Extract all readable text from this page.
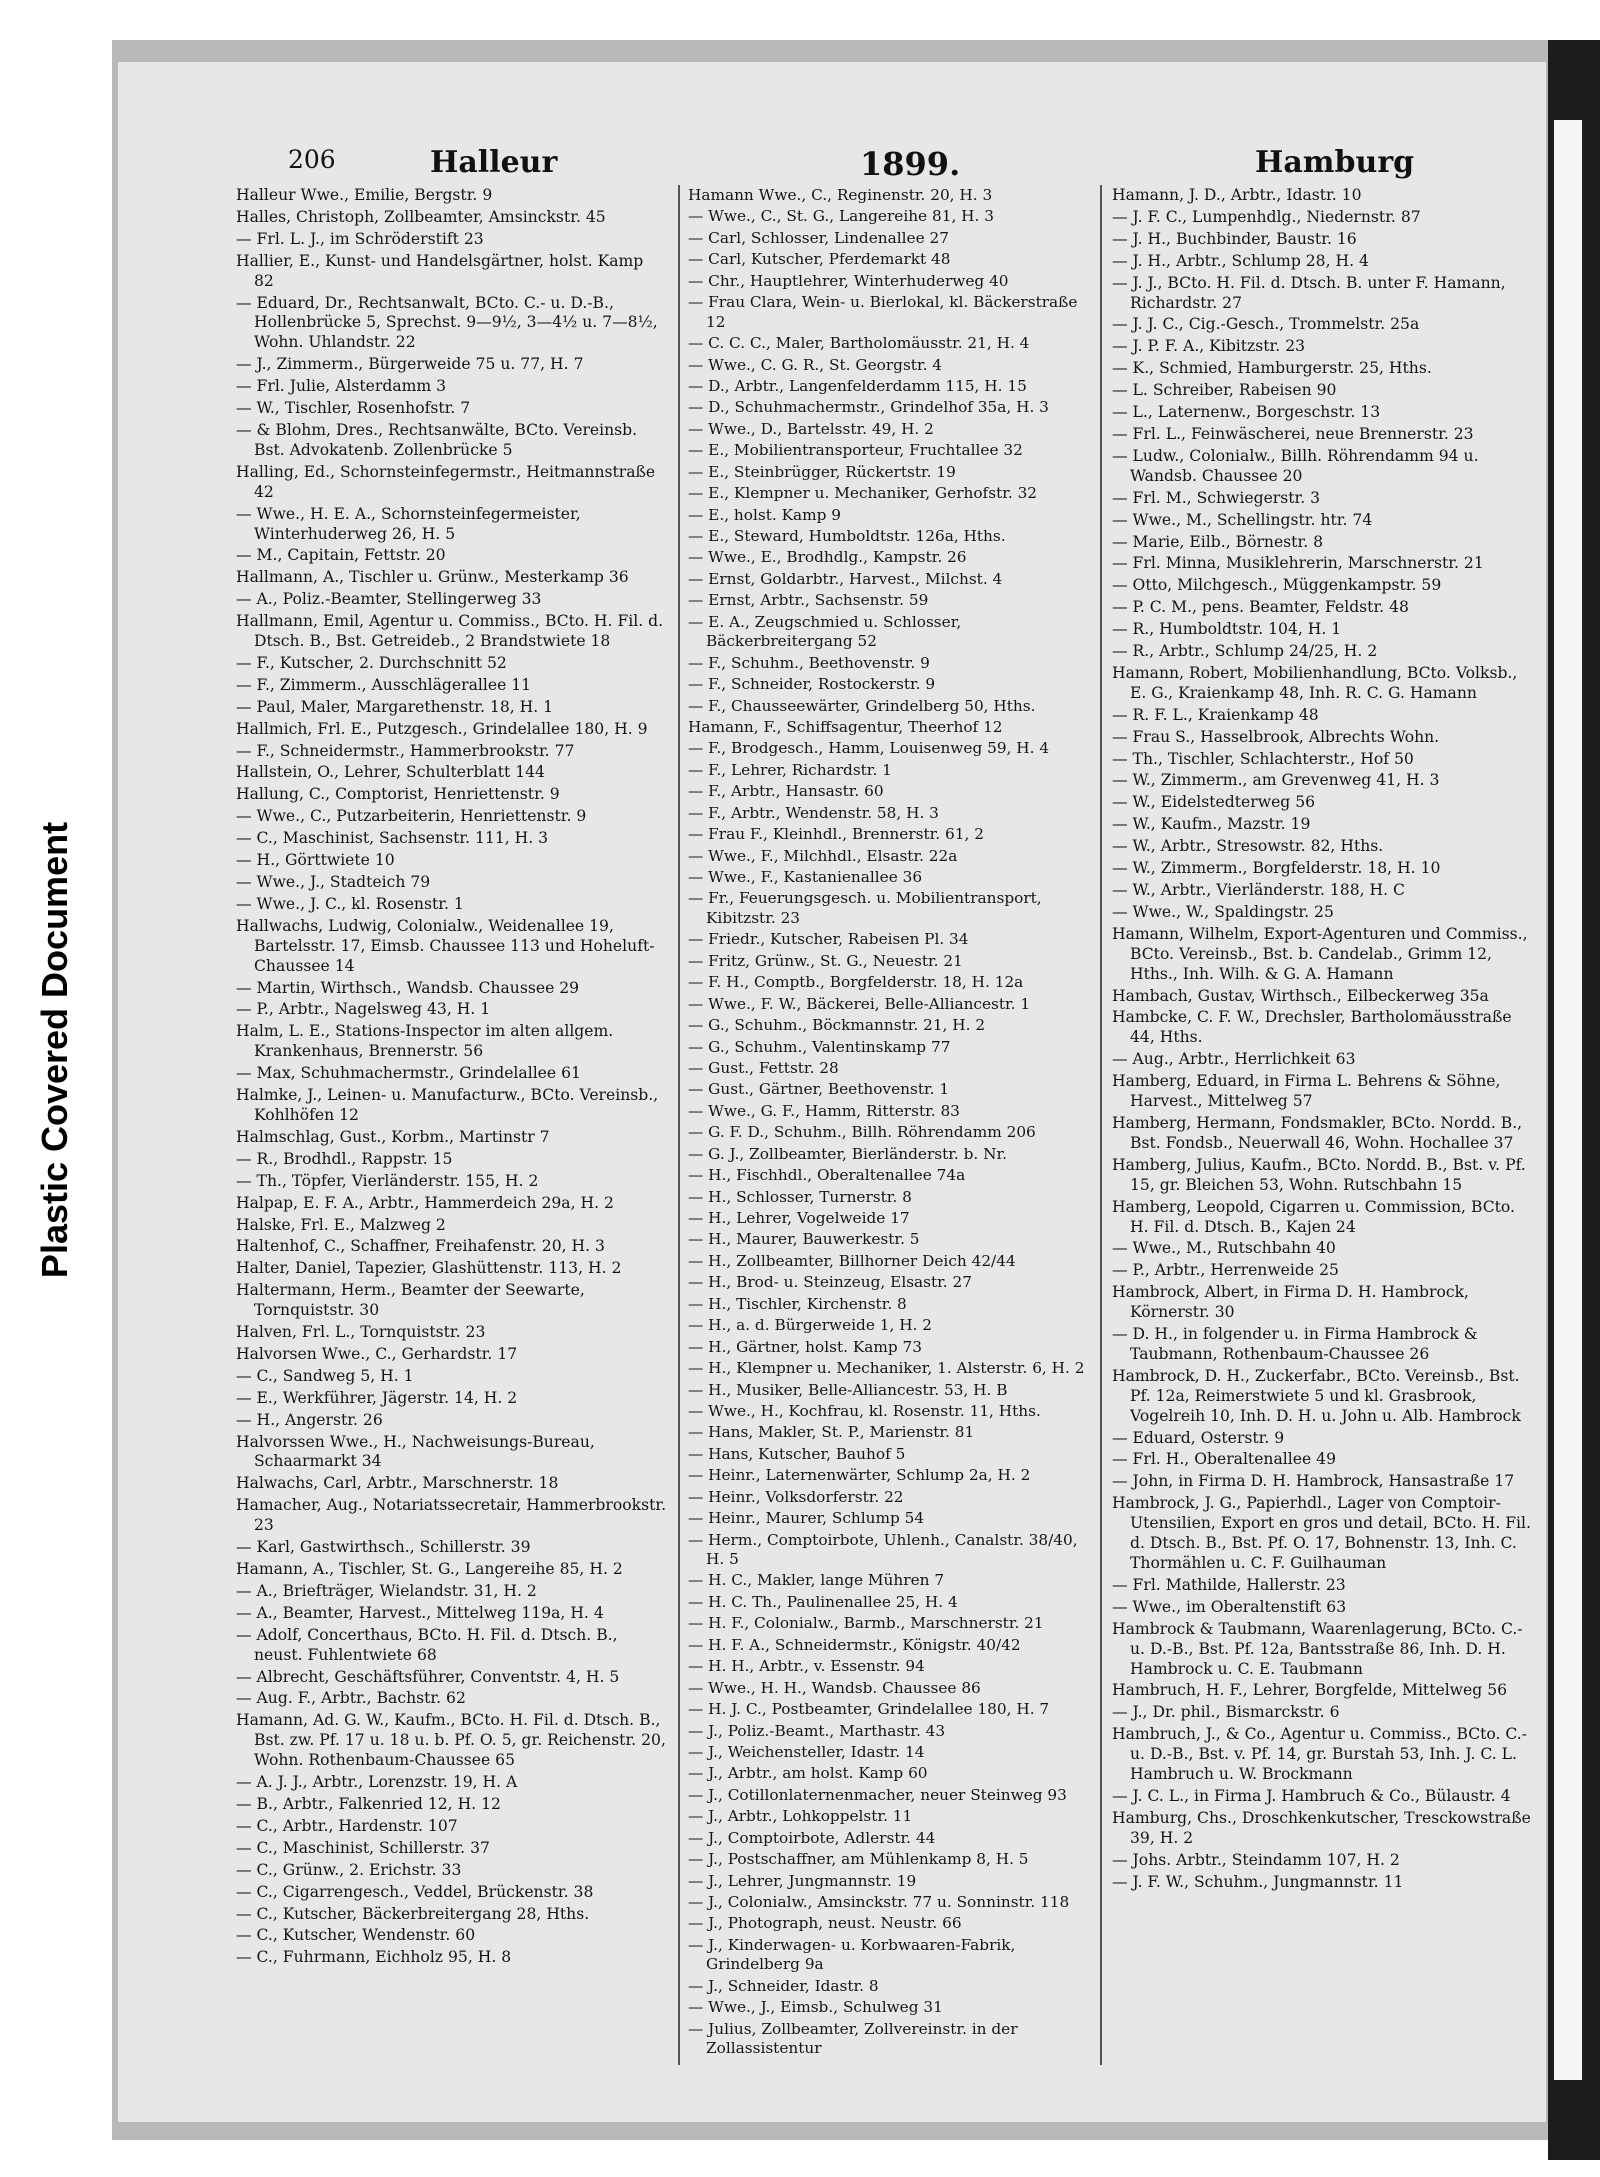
Plastic Covered Document
206	Halleur	1899.	Hamburg
Halleur Wwe., Emilie, Bergstr. 9
Halles, Christoph, Zollbeamter, Amsinckstr. 45
— Frl. L. J., im Schröderstift 23
Hallier, E., Kunst- und Handelsgärtner, holst. Kamp 82
— Eduard, Dr., Rechtsanwalt, BCto. C.- u. D.-B., Hollenbrücke 5, Sprechst. 9—9½, 3—4½ u. 7—8½, Wohn. Uhlandstr. 22
— J., Zimmerm., Bürgerweide 75 u. 77, H. 7
— Frl. Julie, Alsterdamm 3
— W., Tischler, Rosenhofstr. 7
— & Blohm, Dres., Rechtsanwälte, BCto. Vereinsb. Bst. Advokatenb. Zollenbrücke 5
Halling, Ed., Schornsteinfegermstr., Heitmannstraße 42
— Wwe., H. E. A., Schornsteinfegermeister, Winterhuderweg 26, H. 5
— M., Capitain, Fettstr. 20
Hallmann, A., Tischler u. Grünw., Mesterkamp 36
— A., Poliz.-Beamter, Stellingerweg 33
Hallmann, Emil, Agentur u. Commiss., BCto. H. Fil. d. Dtsch. B., Bst. Getreideb., 2 Brandstwiete 18
— F., Kutscher, 2. Durchschnitt 52
— F., Zimmerm., Ausschlägerallee 11
— Paul, Maler, Margarethenstr. 18, H. 1
Hallmich, Frl. E., Putzgesch., Grindelallee 180, H. 9
— F., Schneidermstr., Hammerbrookstr. 77
Hallstein, O., Lehrer, Schulterblatt 144
Hallung, C., Comptorist, Henriettenstr. 9
— Wwe., C., Putzarbeiterin, Henriettenstr. 9
— C., Maschinist, Sachsenstr. 111, H. 3
— H., Görttwiete 10
— Wwe., J., Stadteich 79
— Wwe., J. C., kl. Rosenstr. 1
Hallwachs, Ludwig, Colonialw., Weidenallee 19, Bartelsstr. 17, Eimsb. Chaussee 113 und Hoheluft-Chaussee 14
— Martin, Wirthsch., Wandsb. Chaussee 29
— P., Arbtr., Nagelsweg 43, H. 1
Halm, L. E., Stations-Inspector im alten allgem. Krankenhaus, Brennerstr. 56
— Max, Schuhmachermstr., Grindelallee 61
Halmke, J., Leinen- u. Manufacturw., BCto. Vereinsb., Kohlhöfen 12
Halmschlag, Gust., Korbm., Martinstr 7
— R., Brodhdl., Rappstr. 15
— Th., Töpfer, Vierländerstr. 155, H. 2
Halpap, E. F. A., Arbtr., Hammerdeich 29a, H. 2
Halske, Frl. E., Malzweg 2
Haltenhof, C., Schaffner, Freihafenstr. 20, H. 3
Halter, Daniel, Tapezier, Glashüttenstr. 113, H. 2
Haltermann, Herm., Beamter der Seewarte, Tornquiststr. 30
Halven, Frl. L., Tornquiststr. 23
Halvorsen Wwe., C., Gerhardstr. 17
— C., Sandweg 5, H. 1
— E., Werkführer, Jägerstr. 14, H. 2
— H., Angerstr. 26
Halvorssen Wwe., H., Nachweisungs-Bureau, Schaarmarkt 34
Halwachs, Carl, Arbtr., Marschnerstr. 18
Hamacher, Aug., Notariatssecretair, Hammerbrookstr. 23
— Karl, Gastwirthsch., Schillerstr. 39
Hamann, A., Tischler, St. G., Langereihe 85, H. 2
— A., Briefträger, Wielandstr. 31, H. 2
— A., Beamter, Harvest., Mittelweg 119a, H. 4
— Adolf, Concerthaus, BCto. H. Fil. d. Dtsch. B., neust. Fuhlentwiete 68
— Albrecht, Geschäftsführer, Conventstr. 4, H. 5
— Aug. F., Arbtr., Bachstr. 62
Hamann, Ad. G. W., Kaufm., BCto. H. Fil. d. Dtsch. B., Bst. zw. Pf. 17 u. 18 u. b. Pf. O. 5, gr. Reichenstr. 20, Wohn. Rothenbaum-Chaussee 65
— A. J. J., Arbtr., Lorenzstr. 19, H. A
— B., Arbtr., Falkenried 12, H. 12
— C., Arbtr., Hardenstr. 107
— C., Maschinist, Schillerstr. 37
— C., Grünw., 2. Erichstr. 33
— C., Cigarrengesch., Veddel, Brückenstr. 38
— C., Kutscher, Bäckerbreitergang 28, Hths.
— C., Kutscher, Wendenstr. 60
— C., Fuhrmann, Eichholz 95, H. 8
Hamann Wwe., C., Reginenstr. 20, H. 3
— Wwe., C., St. G., Langereihe 81, H. 3
— Carl, Schlosser, Lindenallee 27
— Carl, Kutscher, Pferdemarkt 48
— Chr., Hauptlehrer, Winterhuderweg 40
— Frau Clara, Wein- u. Bierlokal, kl. Bäckerstraße 12
— C. C. C., Maler, Bartholomäusstr. 21, H. 4
— Wwe., C. G. R., St. Georgstr. 4
— D., Arbtr., Langenfelderdamm 115, H. 15
— D., Schuhmachermstr., Grindelhof 35a, H. 3
— Wwe., D., Bartelsstr. 49, H. 2
— E., Mobilientransporteur, Fruchtallee 32
— E., Steinbrügger, Rückertstr. 19
— E., Klempner u. Mechaniker, Gerhofstr. 32
— E., holst. Kamp 9
— E., Steward, Humboldtstr. 126a, Hths.
— Wwe., E., Brodhdlg., Kampstr. 26
— Ernst, Goldarbtr., Harvest., Milchst. 4
— Ernst, Arbtr., Sachsenstr. 59
— E. A., Zeugschmied u. Schlosser, Bäckerbreitergang 52
— F., Schuhm., Beethovenstr. 9
— F., Schneider, Rostockerstr. 9
— F., Chausseewärter, Grindelberg 50, Hths.
Hamann, F., Schiffsagentur, Theerhof 12
— F., Brodgesch., Hamm, Louisenweg 59, H. 4
— F., Lehrer, Richardstr. 1
— F., Arbtr., Hansastr. 60
— F., Arbtr., Wendenstr. 58, H. 3
— Frau F., Kleinhdl., Brennerstr. 61, 2
— Wwe., F., Milchhdl., Elsastr. 22a
— Wwe., F., Kastanienallee 36
— Fr., Feuerungsgesch. u. Mobilientransport, Kibitzstr. 23
— Friedr., Kutscher, Rabeisen Pl. 34
— Fritz, Grünw., St. G., Neuestr. 21
— F. H., Comptb., Borgfelderstr. 18, H. 12a
— Wwe., F. W., Bäckerei, Belle-Alliancestr. 1
— G., Schuhm., Böckmannstr. 21, H. 2
— G., Schuhm., Valentinskamp 77
— Gust., Fettstr. 28
— Gust., Gärtner, Beethovenstr. 1
— Wwe., G. F., Hamm, Ritterstr. 83
— G. F. D., Schuhm., Billh. Röhrendamm 206
— G. J., Zollbeamter, Bierländerstr. b. Nr.
— H., Fischhdl., Oberaltenallee 74a
— H., Schlosser, Turnerstr. 8
— H., Lehrer, Vogelweide 17
— H., Maurer, Bauwerkestr. 5
— H., Zollbeamter, Billhorner Deich 42/44
— H., Brod- u. Steinzeug, Elsastr. 27
— H., Tischler, Kirchenstr. 8
— H., a. d. Bürgerweide 1, H. 2
— H., Gärtner, holst. Kamp 73
— H., Klempner u. Mechaniker, 1. Alsterstr. 6, H. 2
— H., Musiker, Belle-Alliancestr. 53, H. B
— Wwe., H., Kochfrau, kl. Rosenstr. 11, Hths.
— Hans, Makler, St. P., Marienstr. 81
— Hans, Kutscher, Bauhof 5
— Heinr., Laternenwärter, Schlump 2a, H. 2
— Heinr., Volksdorferstr. 22
— Heinr., Maurer, Schlump 54
— Herm., Comptoirbote, Uhlenh., Canalstr. 38/40, H. 5
— H. C., Makler, lange Mühren 7
— H. C. Th., Paulinenallee 25, H. 4
— H. F., Colonialw., Barmb., Marschnerstr. 21
— H. F. A., Schneidermstr., Königstr. 40/42
— H. H., Arbtr., v. Essenstr. 94
— Wwe., H. H., Wandsb. Chaussee 86
— H. J. C., Postbeamter, Grindelallee 180, H. 7
— J., Poliz.-Beamt., Marthastr. 43
— J., Weichensteller, Idastr. 14
— J., Arbtr., am holst. Kamp 60
— J., Cotillonlaternenmacher, neuer Steinweg 93
— J., Arbtr., Lohkoppelstr. 11
— J., Comptoirbote, Adlerstr. 44
— J., Postschaffner, am Mühlenkamp 8, H. 5
— J., Lehrer, Jungmannstr. 19
— J., Colonialw., Amsinckstr. 77 u. Sonninstr. 118
— J., Photograph, neust. Neustr. 66
— J., Kinderwagen- u. Korbwaaren-Fabrik, Grindelberg 9a
— J., Schneider, Idastr. 8
— Wwe., J., Eimsb., Schulweg 31
— Julius, Zollbeamter, Zollvereinstr. in der Zollassistentur
Hamann, J. D., Arbtr., Idastr. 10
— J. F. C., Lumpenhdlg., Niedernstr. 87
— J. H., Buchbinder, Baustr. 16
— J. H., Arbtr., Schlump 28, H. 4
— J. J., BCto. H. Fil. d. Dtsch. B. unter F. Hamann, Richardstr. 27
— J. J. C., Cig.-Gesch., Trommelstr. 25a
— J. P. F. A., Kibitzstr. 23
— K., Schmied, Hamburgerstr. 25, Hths.
— L. Schreiber, Rabeisen 90
— L., Laternenw., Borgeschstr. 13
— Frl. L., Feinwäscherei, neue Brennerstr. 23
— Ludw., Colonialw., Billh. Röhrendamm 94 u. Wandsb. Chaussee 20
— Frl. M., Schwiegerstr. 3
— Wwe., M., Schellingstr. htr. 74
— Marie, Eilb., Börnestr. 8
— Frl. Minna, Musiklehrerin, Marschnerstr. 21
— Otto, Milchgesch., Müggenkampstr. 59
— P. C. M., pens. Beamter, Feldstr. 48
— R., Humboldtstr. 104, H. 1
— R., Arbtr., Schlump 24/25, H. 2
Hamann, Robert, Mobilienhandlung, BCto. Volksb., E. G., Kraienkamp 48, Inh. R. C. G. Hamann
— R. F. L., Kraienkamp 48
— Frau S., Hasselbrook, Albrechts Wohn.
— Th., Tischler, Schlachterstr., Hof 50
— W., Zimmerm., am Grevenweg 41, H. 3
— W., Eidelstedterweg 56
— W., Kaufm., Mazstr. 19
— W., Arbtr., Stresowstr. 82, Hths.
— W., Zimmerm., Borgfelderstr. 18, H. 10
— W., Arbtr., Vierländerstr. 188, H. C
— Wwe., W., Spaldingstr. 25
Hamann, Wilhelm, Export-Agenturen und Commiss., BCto. Vereinsb., Bst. b. Candelab., Grimm 12, Hths., Inh. Wilh. & G. A. Hamann
Hambach, Gustav, Wirthsch., Eilbeckerweg 35a
Hambcke, C. F. W., Drechsler, Bartholomäusstraße 44, Hths.
— Aug., Arbtr., Herrlichkeit 63
Hamberg, Eduard, in Firma L. Behrens & Söhne, Harvest., Mittelweg 57
Hamberg, Hermann, Fondsmakler, BCto. Nordd. B., Bst. Fondsb., Neuerwall 46, Wohn. Hochallee 37
Hamberg, Julius, Kaufm., BCto. Nordd. B., Bst. v. Pf. 15, gr. Bleichen 53, Wohn. Rutschbahn 15
Hamberg, Leopold, Cigarren u. Commission, BCto. H. Fil. d. Dtsch. B., Kajen 24
— Wwe., M., Rutschbahn 40
— P., Arbtr., Herrenweide 25
Hambrock, Albert, in Firma D. H. Hambrock, Körnerstr. 30
— D. H., in folgender u. in Firma Hambrock & Taubmann, Rothenbaum-Chaussee 26
Hambrock, D. H., Zuckerfabr., BCto. Vereinsb., Bst. Pf. 12a, Reimerstwiete 5 und kl. Grasbrook, Vogelreih 10, Inh. D. H. u. John u. Alb. Hambrock
— Eduard, Osterstr. 9
— Frl. H., Oberaltenallee 49
— John, in Firma D. H. Hambrock, Hansastraße 17
Hambrock, J. G., Papierhdl., Lager von Comptoir-Utensilien, Export en gros und detail, BCto. H. Fil. d. Dtsch. B., Bst. Pf. O. 17, Bohnenstr. 13, Inh. C. Thormählen u. C. F. Guilhauman
— Frl. Mathilde, Hallerstr. 23
— Wwe., im Oberaltenstift 63
Hambrock & Taubmann, Waarenlagerung, BCto. C.- u. D.-B., Bst. Pf. 12a, Bantsstraße 86, Inh. D. H. Hambrock u. C. E. Taubmann
Hambruch, H. F., Lehrer, Borgfelde, Mittelweg 56
— J., Dr. phil., Bismarckstr. 6
Hambruch, J., & Co., Agentur u. Commiss., BCto. C.- u. D.-B., Bst. v. Pf. 14, gr. Burstah 53, Inh. J. C. L. Hambruch u. W. Brockmann
— J. C. L., in Firma J. Hambruch & Co., Bülaustr. 4
Hamburg, Chs., Droschkenkutscher, Tresckowstraße 39, H. 2
— Johs. Arbtr., Steindamm 107, H. 2
— J. F. W., Schuhm., Jungmannstr. 11
